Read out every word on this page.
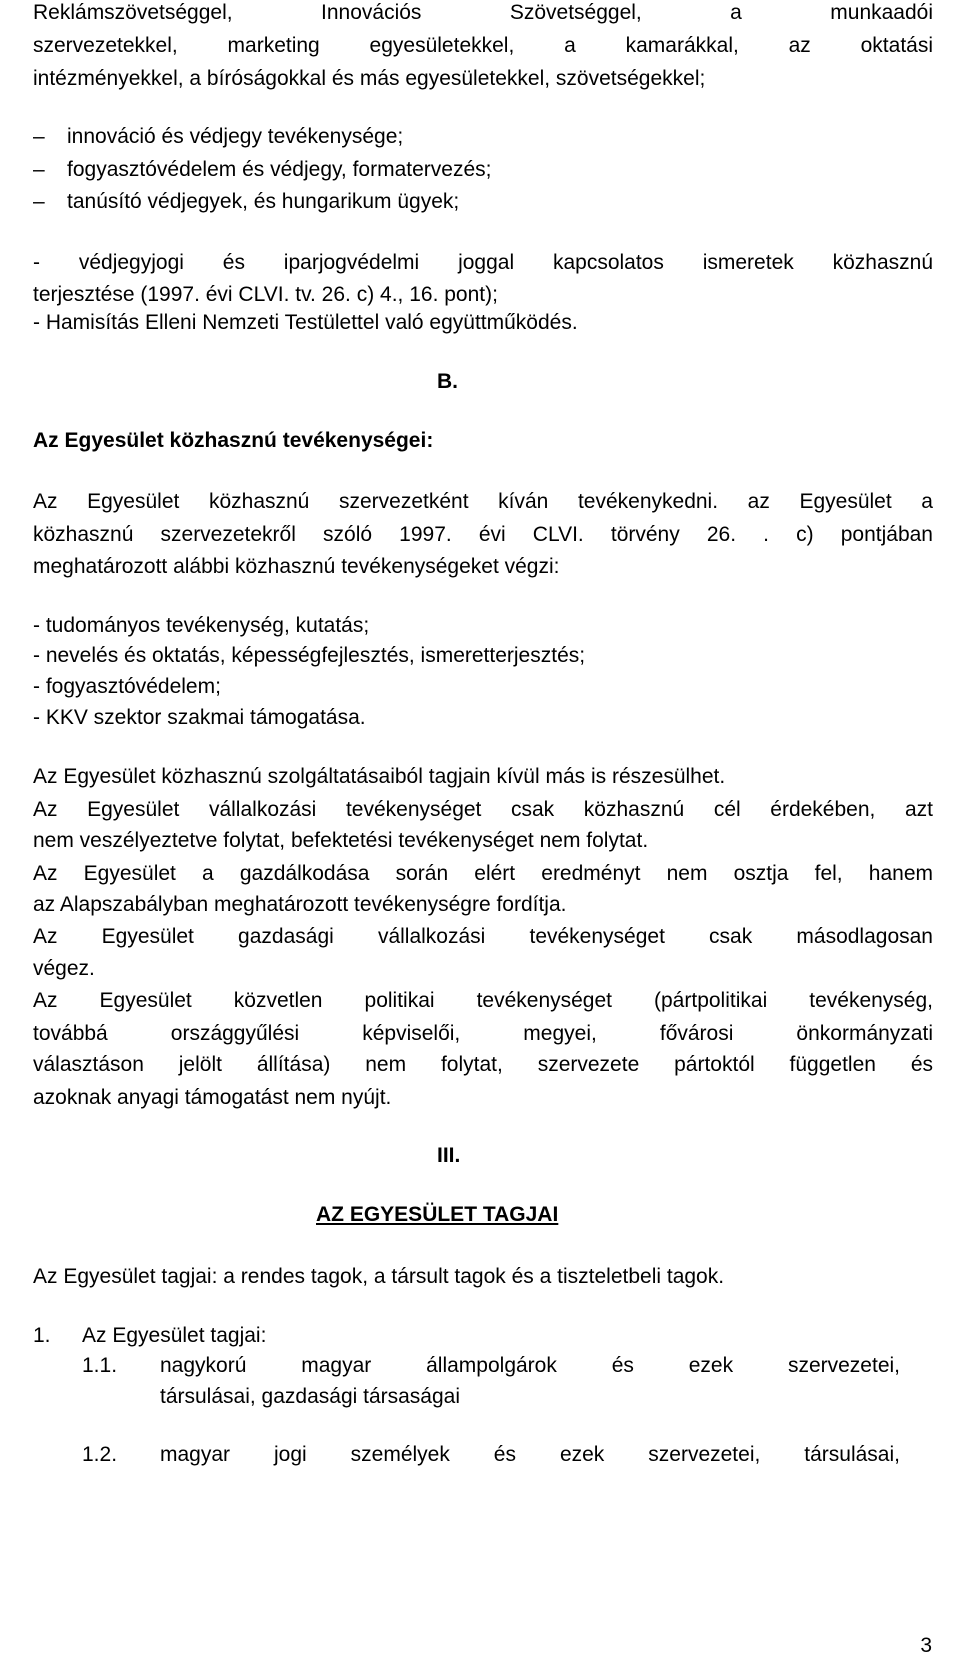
Reklámszövetséggel, Innovációs Szövetséggel, a munkaadói
szervezetekkel, marketing egyesületekkel, a kamarákkal, az oktatási
intézményekkel, a bíróságokkal és más egyesületekkel, szövetségekkel;
– innováció és védjegy tevékenysége;
– fogyasztóvédelem és védjegy, formatervezés;
– tanúsító védjegyek, és hungarikum ügyek;
- védjegyjogi és iparjogvédelmi joggal kapcsolatos ismeretek közhasznú
terjesztése (1997. évi CLVI. tv. 26. c) 4., 16. pont);
- Hamisítás Elleni Nemzeti Testülettel való együttműködés.
B.
Az Egyesület közhasznú tevékenységei:
Az Egyesület közhasznú szervezetként kíván tevékenykedni. az Egyesület a
közhasznú szervezetekről szóló 1997. évi CLVI. törvény 26. . c) pontjában
meghatározott alábbi közhasznú tevékenységeket végzi:
- tudományos tevékenység, kutatás;
- nevelés és oktatás, képességfejlesztés, ismeretterjesztés;
- fogyasztóvédelem;
- KKV szektor szakmai támogatása.
Az Egyesület közhasznú szolgáltatásaiból tagjain kívül más is részesülhet.
Az Egyesület vállalkozási tevékenységet csak közhasznú cél érdekében, azt
nem veszélyeztetve folytat, befektetési tevékenységet nem folytat.
Az Egyesület a gazdálkodása során elért eredményt nem osztja fel, hanem
az Alapszabályban meghatározott tevékenységre fordítja.
Az Egyesület gazdasági vállalkozási tevékenységet csak másodlagosan
végez.
Az Egyesület közvetlen politikai tevékenységet (pártpolitikai tevékenység,
továbbá országgyűlési képviselői, megyei, fővárosi önkormányzati
választáson jelölt állítása) nem folytat, szervezete pártoktól független és
azoknak anyagi támogatást nem nyújt.
III.
AZ EGYESÜLET TAGJAI
Az Egyesület tagjai: a rendes tagok, a társult tagok és a tiszteletbeli tagok.
1. Az Egyesület tagjai:
1.1. nagykorú magyar állampolgárok és ezek szervezetei,
társulásai, gazdasági társaságai
1.2. magyar jogi személyek és ezek szervezetei, társulásai,
3
